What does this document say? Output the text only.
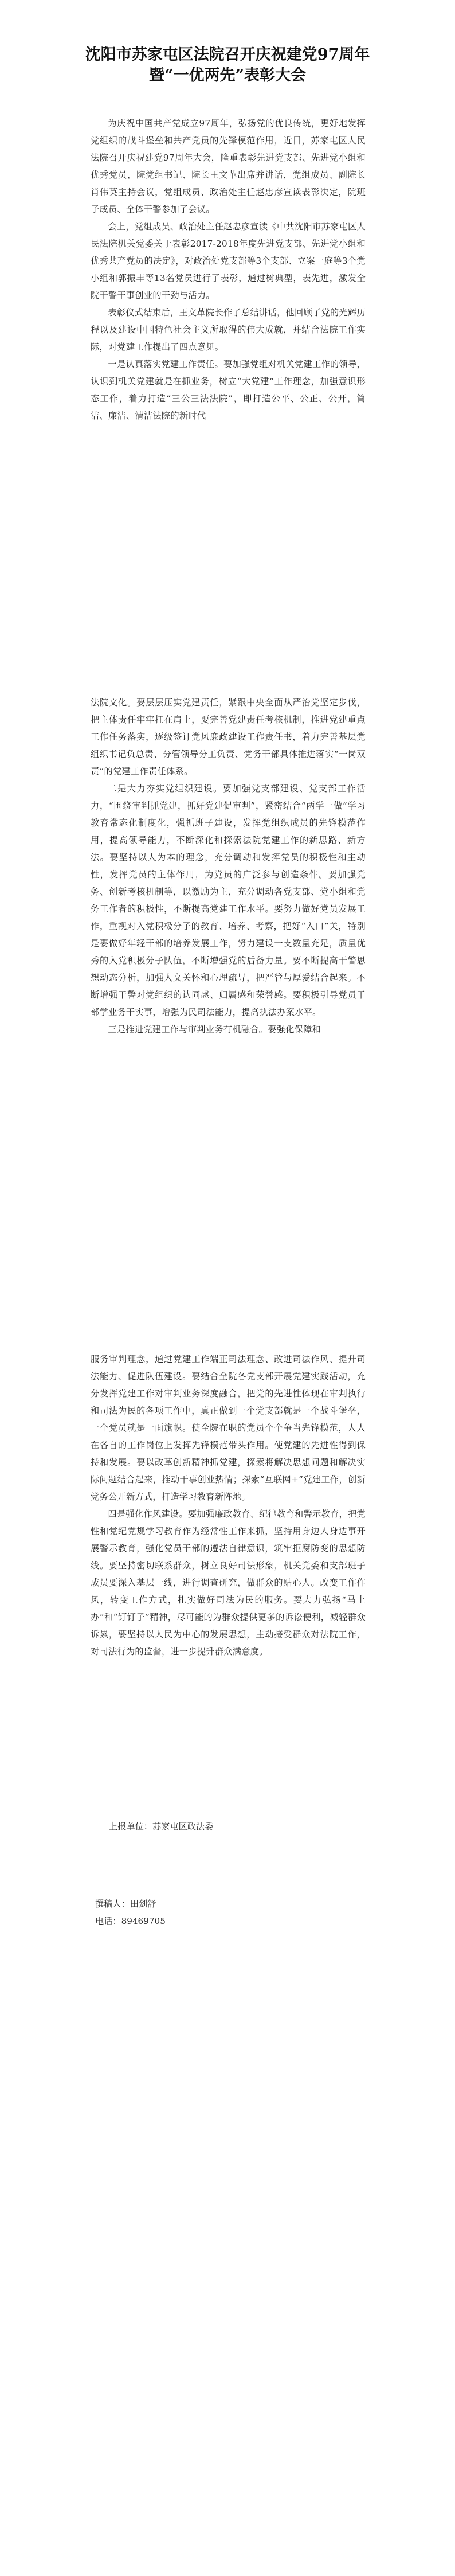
沈阳市苏家屯区法院召开庆祝建党97周年
暨“一优两先”表彰大会

为庆祝中国共产党成立97周年，弘扬党的优良传统，更好地发挥党组织的战斗堡垒和共产党员的先锋模范作用，近日，苏家屯区人民法院召开庆祝建党97周年大会，隆重表彰先进党支部、先进党小组和优秀党员，院党组书记、院长王文革出席并讲话，党组成员、副院长肖伟英主持会议，党组成员、政治处主任赵忠彦宣读表彰决定，院班子成员、全体干警参加了会议。

会上，党组成员、政治处主任赵忠彦宣读《中共沈阳市苏家屯区人民法院机关党委关于表彰2017-2018年度先进党支部、先进党小组和优秀共产党员的决定》，对政治处党支部等3个支部、立案一庭等3个党小组和郭振丰等13名党员进行了表彰，通过树典型，表先进，激发全院干警干事创业的干劲与活力。

表彰仪式结束后，王文革院长作了总结讲话，他回顾了党的光辉历程以及建设中国特色社会主义所取得的伟大成就，并结合法院工作实际，对党建工作提出了四点意见。

一是认真落实党建工作责任。要加强党组对机关党建工作的领导，认识到机关党建就是在抓业务，树立“大党建”工作理念，加强意识形态工作，着力打造“三公三法法院”，即打造公平、公正、公开，简洁、廉洁、清洁法院的新时代

法院文化。要层层压实党建责任，紧跟中央全面从严治党坚定步伐，把主体责任牢牢扛在肩上，要完善党建责任考核机制，推进党建重点工作任务落实，逐级签订党风廉政建设工作责任书，着力完善基层党组织书记负总责、分管领导分工负责、党务干部具体推进落实“一岗双责”的党建工作责任体系。

二是大力夯实党组织建设。要加强党支部建设、党支部工作活力，“围绕审判抓党建，抓好党建促审判”，紧密结合“两学一做”学习教育常态化制度化，强抓班子建设，发挥党组织成员的先锋模范作用，提高领导能力，不断深化和探索法院党建工作的新思路、新方法。要坚持以人为本的理念，充分调动和发挥党员的积极性和主动性，发挥党员的主体作用，为党员的广泛参与创造条件。要加强党务、创新考核机制等，以激励为主，充分调动各党支部、党小组和党务工作者的积极性，不断提高党建工作水平。要努力做好党员发展工作，重视对入党积极分子的教育、培养、考察，把好“入口”关，特别是要做好年轻干部的培养发展工作，努力建设一支数量充足，质量优秀的入党积极分子队伍，不断增强党的后备力量。要不断提高干警思想动态分析，加强人文关怀和心理疏导，把严管与厚爱结合起来。不断增强干警对党组织的认同感、归属感和荣誉感。要积极引导党员干部学业务干实事，增强为民司法能力，提高执法办案水平。

三是推进党建工作与审判业务有机融合。要强化保障和

服务审判理念，通过党建工作端正司法理念、改进司法作风、提升司法能力、促进队伍建设。要结合全院各党支部开展党建实践活动，充分发挥党建工作对审判业务深度融合，把党的先进性体现在审判执行和司法为民的各项工作中，真正做到一个党支部就是一个战斗堡垒，一个党员就是一面旗帜。使全院在职的党员个个争当先锋模范，人人在各自的工作岗位上发挥先锋模范带头作用。使党建的先进性得到保持和发展。要以改革创新精神抓党建，探索将解决思想问题和解决实际问题结合起来，推动干事创业热情；探索“互联网+”党建工作，创新党务公开新方式，打造学习教育新阵地。

四是强化作风建设。要加强廉政教育、纪律教育和警示教育，把党性和党纪党规学习教育作为经常性工作来抓，坚持用身边人身边事开展警示教育，强化党员干部的遵法自律意识，筑牢拒腐防变的思想防线。要坚持密切联系群众，树立良好司法形象，机关党委和支部班子成员要深入基层一线，进行调查研究，做群众的贴心人。改变工作作风，转变工作方式，扎实做好司法为民的服务。要大力弘扬“马上办”和“钉钉子”精神，尽可能的为群众提供更多的诉讼便利，减轻群众诉累，要坚持以人民为中心的发展思想，主动接受群众对法院工作，对司法行为的监督，进一步提升群众满意度。

上报单位：苏家屯区政法委

撰稿人：田剑舒

电话：89469705
